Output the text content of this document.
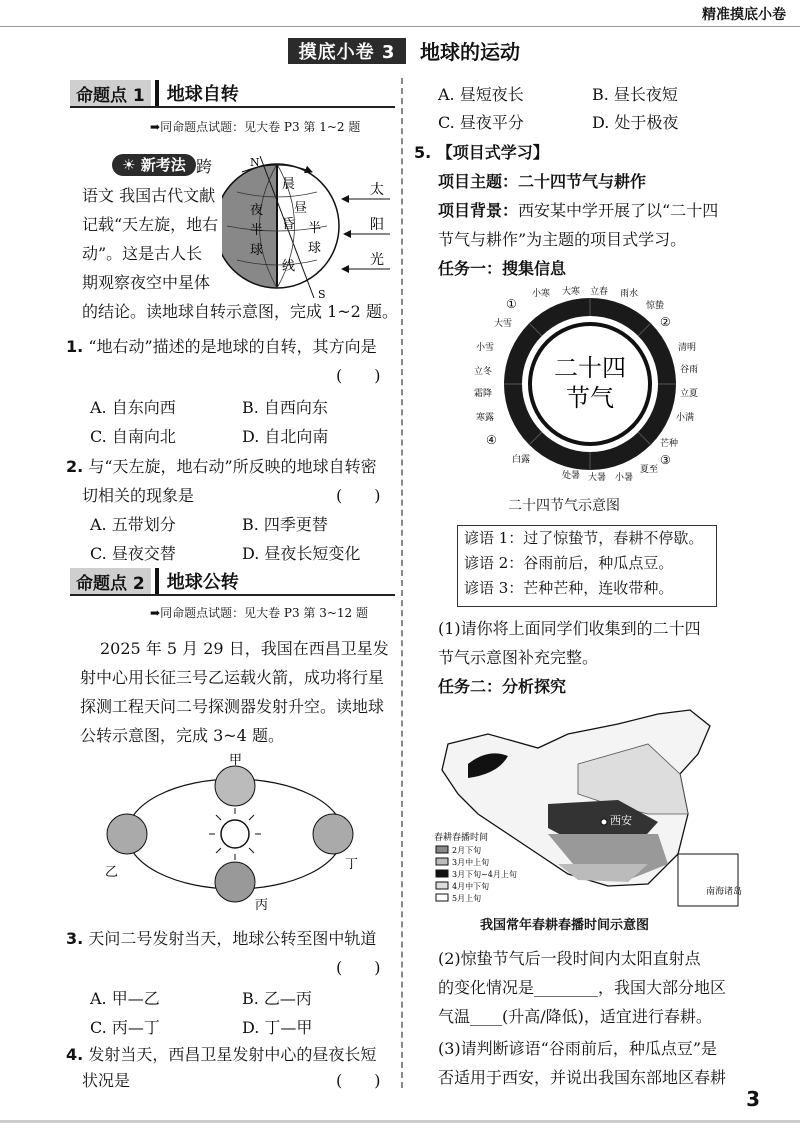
精准摸底小卷
摸底小卷 3	地球的运动
命题点 1	地球自转
➡同命题点试题：见大卷 P3 第 1~2 题
☀ 新考法 跨
语文 我国古代文献
记载“天左旋，地右
动”。这是古人长
期观察夜空中星体
的结论。读地球自转示意图，完成 1~2 题。
N
S
夜
半
球
昼
半
球
晨
昏
线
太
阳
光
1. “地右动”描述的是地球的自转，其方向是
(　　)
A. 自东向西	B. 自西向东
C. 自南向北	D. 自北向南
2. 与“天左旋，地右动”所反映的地球自转密
切相关的现象是	(　　)
A. 五带划分	B. 四季更替
C. 昼夜交替	D. 昼夜长短变化
命题点 2	地球公转
➡同命题点试题：见大卷 P3 第 3~12 题
2025 年 5 月 29 日，我国在西昌卫星发
射中心用长征三号乙运载火箭，成功将行星
探测工程天问二号探测器发射升空。读地球
公转示意图，完成 3~4 题。
甲
乙
丙
丁
3. 天问二号发射当天，地球公转至图中轨道
(　　)
A. 甲—乙	B. 乙—丙
C. 丙—丁	D. 丁—甲
4. 发射当天，西昌卫星发射中心的昼夜长短
状况是	(　　)
A. 昼短夜长	B. 昼长夜短
C. 昼夜平分	D. 处于极夜
5. 【项目式学习】
项目主题：二十四节气与耕作
项目背景：西安某中学开展了以“二十四
节气与耕作”为主题的项目式学习。
任务一：搜集信息
二十四
节气
小寒 大寒 立春 雨水
惊蛰
清明
谷雨
立夏
小满
芒种
夏至
小暑
大暑
处暑
白露
寒露
霜降
立冬
小雪
大雪
①
②
③
④
二十四节气示意图
谚语 1：过了惊蛰节，春耕不停歇。
谚语 2：谷雨前后，种瓜点豆。
谚语 3：芒种芒种，连收带种。
(1)请你将上面同学们收集到的二十四
节气示意图补充完整。
任务二：分析探究
西安
南海诸岛
春耕春播时间
2月下旬
3月中上旬
3月下旬~4月上旬
4月中下旬
5月上旬
我国常年春耕春播时间示意图
(2)惊蛰节气后一段时间内太阳直射点
的变化情况是________，我国大部分地区
气温____(升高/降低)，适宜进行春耕。
(3)请判断谚语“谷雨前后，种瓜点豆”是
否适用于西安，并说出我国东部地区春耕
3
